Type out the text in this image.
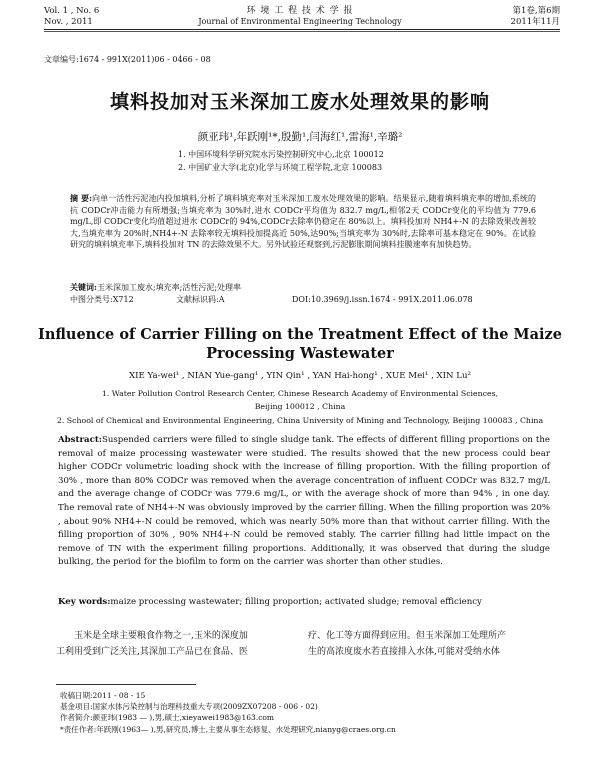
Vol. 1 , No. 6
Nov. , 2011
环 境 工 程 技 术 学 报
Journal of Environmental Engineering Technology
第1卷,第6期
2011年11月
文章编号:1674 - 991X(2011)06 - 0466 - 08
填料投加对玉米深加工废水处理效果的影响
颜亚玮¹,年跃刚¹*,殷勤¹,闫海红¹,雷海¹,辛璐²
1. 中国环境科学研究院水污染控制研究中心,北京 100012
2. 中国矿业大学(北京)化学与环境工程学院,北京 100083
摘 要:向单一活性污泥池内投加填料,分析了填料填充率对玉米深加工废水处理效果的影响。结果显示,随着填料填充率的增加,系统的抗 CODCr冲击能力有所增强;当填充率为 30%时,进水 CODCr平均值为 832.7 mg/L,相邻2天 CODCr变化的平均值为 779.6 mg/L,即 CODCr变化均值超过进水 CODCr的 94%,CODCr去除率仍稳定在 80%以上。填料投加对 NH4+-N 的去除效果改善较大,当填充率为 20%时,NH4+-N 去除率较无填料投加提高近 50%,达90%;当填充率为 30%时,去除率可基本稳定在 90%。在试验研究的填料填充率下,填料投加对 TN 的去除效果不大。另外试验还观察到,污泥膨胀期间填料挂膜速率有加快趋势。
关键词:玉米深加工废水;填充率;活性污泥;处理率
中图分类号:X712	文献标识码:A	DOI:10.3969/j.issn.1674 - 991X.2011.06.078
Influence of Carrier Filling on the Treatment Effect of the Maize
Processing Wastewater
XIE Ya-wei¹ , NIAN Yue-gang¹ , YIN Qin¹ , YAN Hai-hong¹ , XUE Mei¹ , XIN Lu²
1. Water Pollution Control Research Center, Chinese Research Academy of Environmental Sciences,
Beijing 100012 , China
2. School of Chemical and Environmental Engineering, China University of Mining and Technology, Beijing 100083 , China
Abstract:Suspended carriers were filled to single sludge tank. The effects of different filling proportions on the removal of maize processing wastewater were studied. The results showed that the new process could bear higher CODCr volumetric loading shock with the increase of filling proportion. With the filling proportion of 30% , more than 80% CODCr was removed when the average concentration of influent CODCr was 832.7 mg/L and the average change of CODCr was 779.6 mg/L, or with the average shock of more than 94% , in one day. The removal rate of NH4+-N was obviously improved by the carrier filling. When the filling proportion was 20% , about 90% NH4+-N could be removed, which was nearly 50% more than that without carrier filling. With the filling proportion of 30% , 90% NH4+-N could be removed stably. The carrier filling had little impact on the remove of TN with the experiment filling proportions. Additionally, it was observed that during the sludge bulking, the period for the biofilm to form on the carrier was shorter than other studies.
Key words:maize processing wastewater; filling proportion; activated sludge; removal efficiency
玉米是全球主要粮食作物之一,玉米的深度加
工利用受到广泛关注,其深加工产品已在食品、医
疗、化工等方面得到应用。但玉米深加工处理所产
生的高浓度废水若直接排入水体,可能对受纳水体
收稿日期:2011 - 08 - 15
基金项目:国家水体污染控制与治理科技重大专项(2009ZX07208 - 006 - 02)
作者简介:颜亚玮(1983 — ),男,硕士,xieyawei1983@163.com
*责任作者:年跃刚(1963— ),男,研究员,博士,主要从事生态修复、水处理研究,nianyg@craes.org.cn
